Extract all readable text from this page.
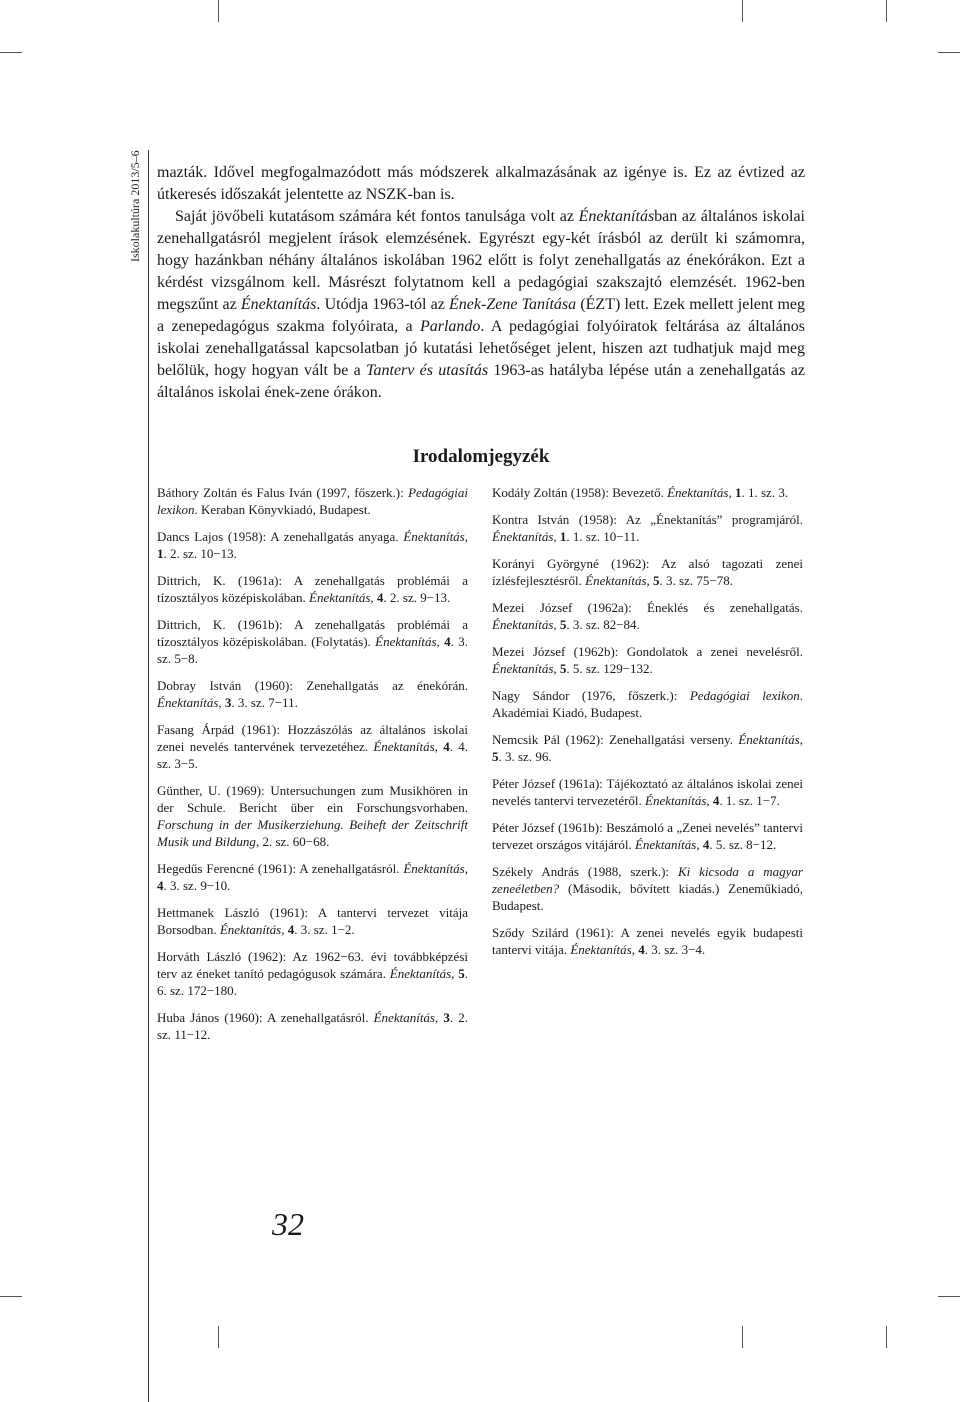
Iskolakultúra 2013/5–6 mazták. Idővel megfogalmazódott más módszerek alkalmazásának az igénye is. Ez az évtized az útkeresés időszakát jelentette az NSZK-ban is.

Saját jövőbeli kutatásom számára két fontos tanulsága volt az Énektanításban az általános iskolai zenehallgatásról megjelent írások elemzésének. Egyrészt egy-két írásból az derült ki számomra, hogy hazánkban néhány általános iskolában 1962 előtt is folyt zenehallgatás az énekórákon. Ezt a kérdést vizsgálnom kell. Másrészt folytatnom kell a pedagógiai szakszajtó elemzését. 1962-ben megszűnt az Énektanítás. Utódja 1963-tól az Ének-Zene Tanítása (ÉZT) lett. Ezek mellett jelent meg a zenepedagógus szakma folyóirata, a Parlando. A pedagógiai folyóiratok feltárása az általános iskolai zenehallgatással kapcsolatban jó kutatási lehetőséget jelent, hiszen azt tudhatjuk majd meg belőlük, hogy hogyan vált be a Tanterv és utasítás 1963-as hatályba lépése után a zenehallgatás az általános iskolai ének-zene órákon.

Irodalomjegyzék

Báthory Zoltán és Falus Iván (1997, főszerk.): Pedagógiai lexikon. Keraban Könyvkiadó, Budapest.

Dancs Lajos (1958): A zenehallgatás anyaga. Énektanítás, 1. 2. sz. 10−13.

Dittrich, K. (1961a): A zenehallgatás problémái a tízosztályos középiskolában. Énektanítás, 4. 2. sz. 9−13.

Dittrich, K. (1961b): A zenehallgatás problémái a tízosztályos középiskolában. (Folytatás). Énektanítás, 4. 3. sz. 5−8.

Dobray István (1960): Zenehallgatás az énekórán. Énektanítás, 3. 3. sz. 7−11.

Fasang Árpád (1961): Hozzászólás az általános iskolai zenei nevelés tantervének tervezetéhez. Énektanítás, 4. 4. sz. 3−5.

Günther, U. (1969): Untersuchungen zum Musikhören in der Schule. Bericht über ein Forschungsvorhaben. Forschung in der Musikerziehung. Beiheft der Zeitschrift Musik und Bildung, 2. sz. 60−68.

Hegedűs Ferencné (1961): A zenehallgatásról. Énektanítás, 4. 3. sz. 9−10.

Hettmanek László (1961): A tantervi tervezet vitája Borsodban. Énektanítás, 4. 3. sz. 1−2.

Horváth László (1962): Az 1962−63. évi továbbképzési terv az éneket tanító pedagógusok számára. Énektanítás, 5. 6. sz. 172−180.

Huba János (1960): A zenehallgatásról. Énektanítás, 3. 2. sz. 11−12.

Kodály Zoltán (1958): Bevezető. Énektanítás, 1. 1. sz. 3.

Kontra István (1958): Az „Énektanítás” programjáról. Énektanítás, 1. 1. sz. 10−11.

Korányi Györgyné (1962): Az alsó tagozati zenei ízlésfejlesztésről. Énektanítás, 5. 3. sz. 75−78.

Mezei József (1962a): Éneklés és zenehallgatás. Énektanítás, 5. 3. sz. 82−84.

Mezei József (1962b): Gondolatok a zenei nevelésről. Énektanítás, 5. 5. sz. 129−132.

Nagy Sándor (1976, főszerk.): Pedagógiai lexikon. Akadémiai Kiadó, Budapest.

Nemcsik Pál (1962): Zenehallgatási verseny. Énektanítás, 5. 3. sz. 96.

Péter József (1961a): Tájékoztató az általános iskolai zenei nevelés tantervi tervezetéről. Énektanítás, 4. 1. sz. 1−7.

Péter József (1961b): Beszámoló a „Zenei nevelés” tantervi tervezet országos vitájáról. Énektanítás, 4. 5. sz. 8−12.

Székely András (1988, szerk.): Ki kicsoda a magyar zeneéletben? (Második, bővített kiadás.) Zeneműkiadó, Budapest.

Sződy Szilárd (1961): A zenei nevelés egyik budapesti tantervi vitája. Énektanítás, 4. 3. sz. 3−4.

32
